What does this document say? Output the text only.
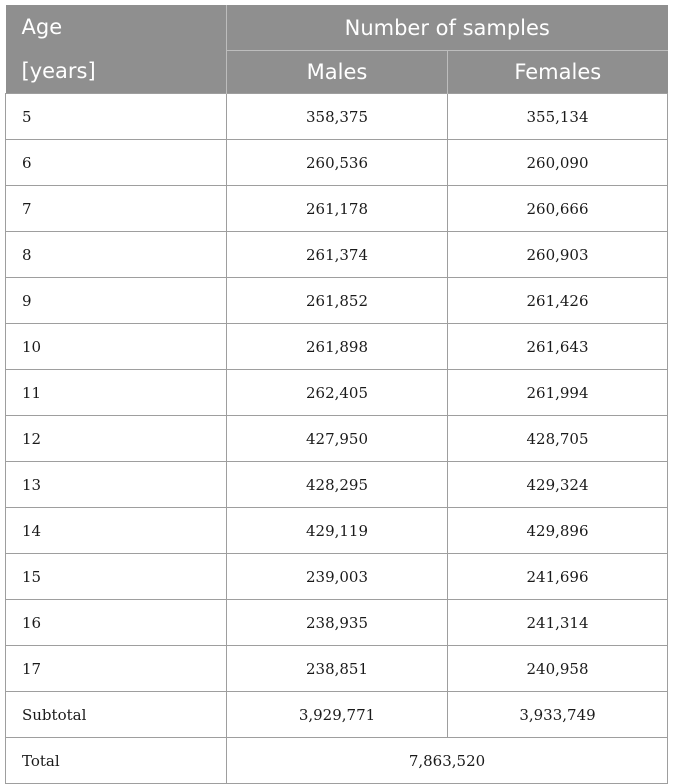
Age
[years]	Number of samples	
	Males	Females
5	358,375	355,134
6	260,536	260,090
7	261,178	260,666
8	261,374	260,903
9	261,852	261,426
10	261,898	261,643
11	262,405	261,994
12	427,950	428,705
13	428,295	429,324
14	429,119	429,896
15	239,003	241,696
16	238,935	241,314
17	238,851	240,958
Subtotal	3,929,771	3,933,749
Total	7,863,520	
